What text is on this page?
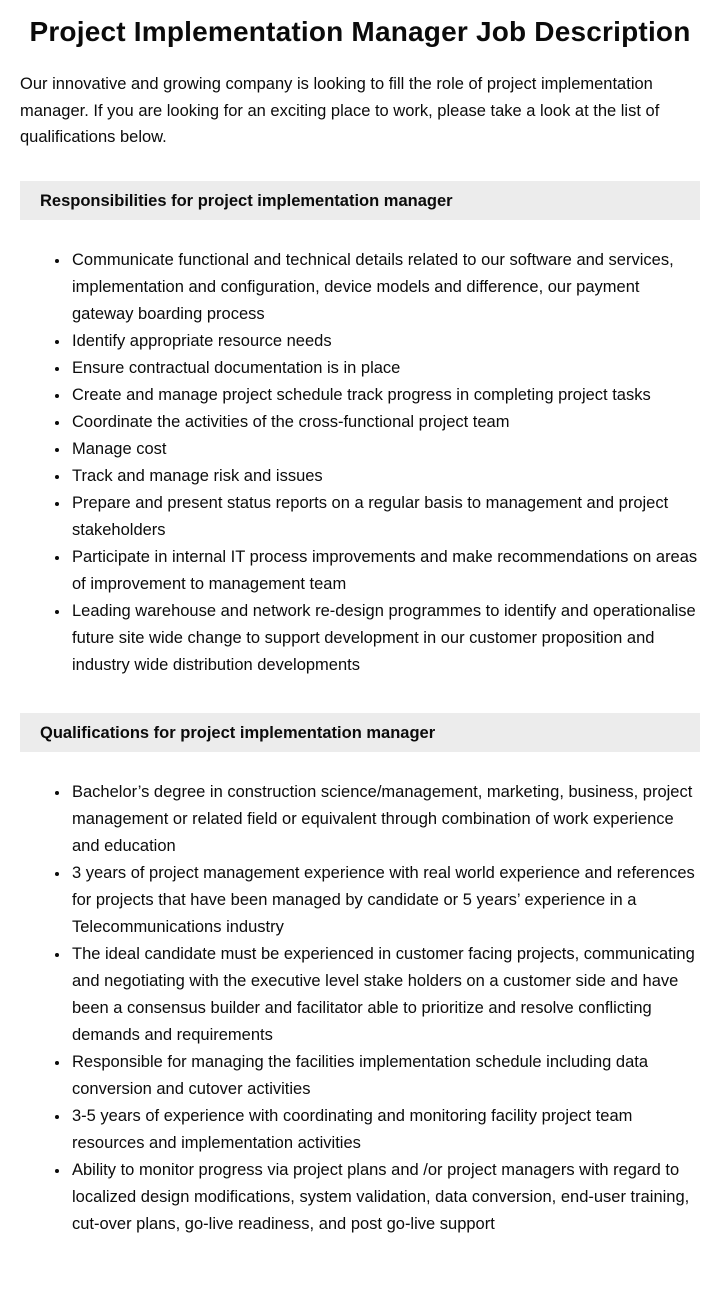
Project Implementation Manager Job Description

Our innovative and growing company is looking to fill the role of project implementation manager. If you are looking for an exciting place to work, please take a look at the list of qualifications below.

Responsibilities for project implementation manager
• Communicate functional and technical details related to our software and services, implementation and configuration, device models and difference, our payment gateway boarding process
• Identify appropriate resource needs
• Ensure contractual documentation is in place
• Create and manage project schedule track progress in completing project tasks
• Coordinate the activities of the cross-functional project team
• Manage cost
• Track and manage risk and issues
• Prepare and present status reports on a regular basis to management and project stakeholders
• Participate in internal IT process improvements and make recommendations on areas of improvement to management team
• Leading warehouse and network re-design programmes to identify and operationalise future site wide change to support development in our customer proposition and industry wide distribution developments
Qualifications for project implementation manager
• Bachelor’s degree in construction science/management, marketing, business, project management or related field or equivalent through combination of work experience and education
• 3 years of project management experience with real world experience and references for projects that have been managed by candidate or 5 years’ experience in a Telecommunications industry
• The ideal candidate must be experienced in customer facing projects, communicating and negotiating with the executive level stake holders on a customer side and have been a consensus builder and facilitator able to prioritize and resolve conflicting demands and requirements
• Responsible for managing the facilities implementation schedule including data conversion and cutover activities
• 3-5 years of experience with coordinating and monitoring facility project team resources and implementation activities
• Ability to monitor progress via project plans and /or project managers with regard to localized design modifications, system validation, data conversion, end-user training, cut-over plans, go-live readiness, and post go-live support
